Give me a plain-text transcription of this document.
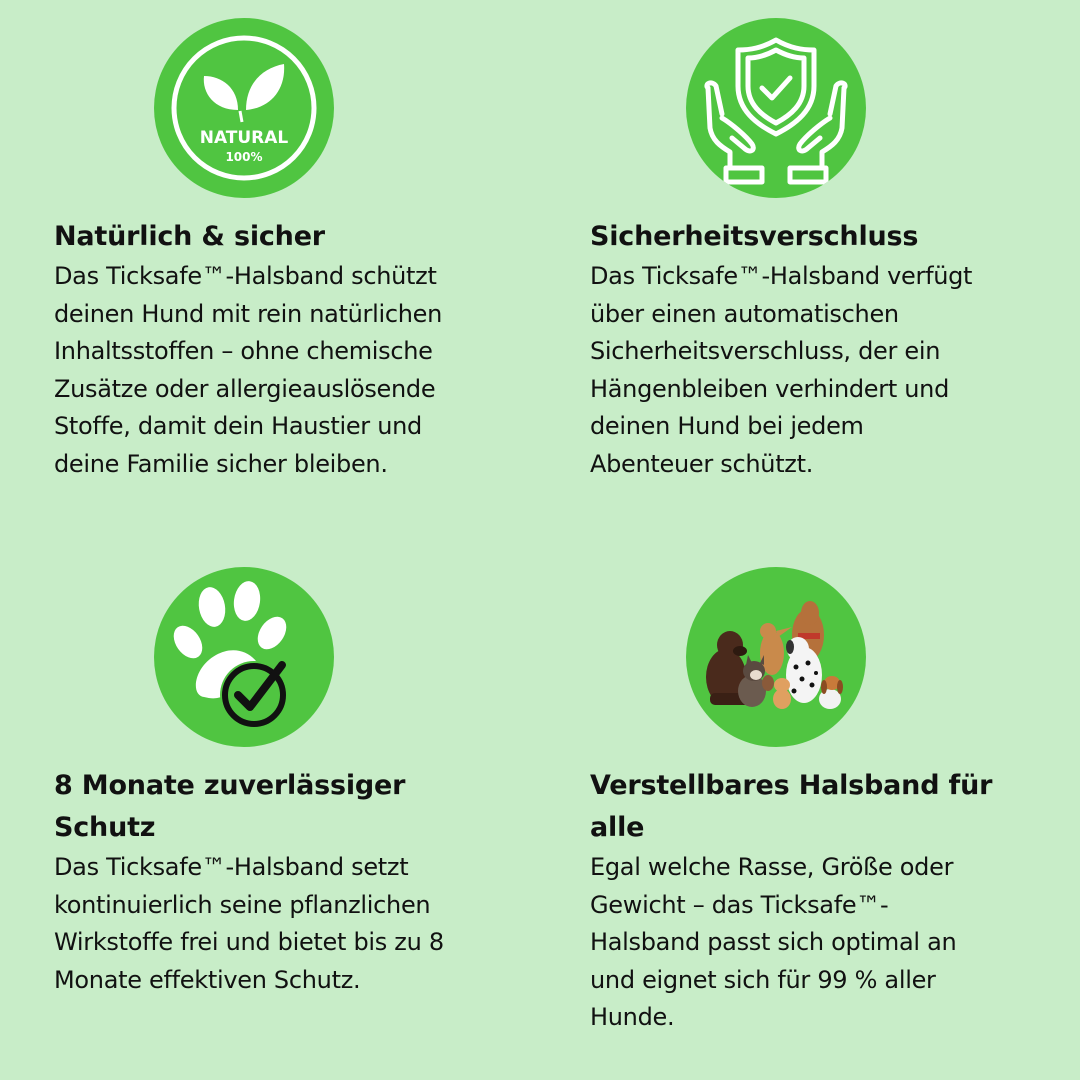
NATURAL
100%
Natürlich & sicher

Das Ticksafe™-Halsband schützt
deinen Hund mit rein natürlichen
Inhaltsstoffen – ohne chemische
Zusätze oder allergieauslösende
Stoffe, damit dein Haustier und
deine Familie sicher bleiben.

Sicherheitsverschluss

Das Ticksafe™-Halsband verfügt
über einen automatischen
Sicherheitsverschluss, der ein
Hängenbleiben verhindert und
deinen Hund bei jedem
Abenteuer schützt.

8 Monate zuverlässiger
Schutz

Das Ticksafe™-Halsband setzt
kontinuierlich seine pflanzlichen
Wirkstoffe frei und bietet bis zu 8
Monate effektiven Schutz.

Verstellbares Halsband für
alle

Egal welche Rasse, Größe oder
Gewicht – das Ticksafe™-
Halsband passt sich optimal an
und eignet sich für 99 % aller
Hunde.
